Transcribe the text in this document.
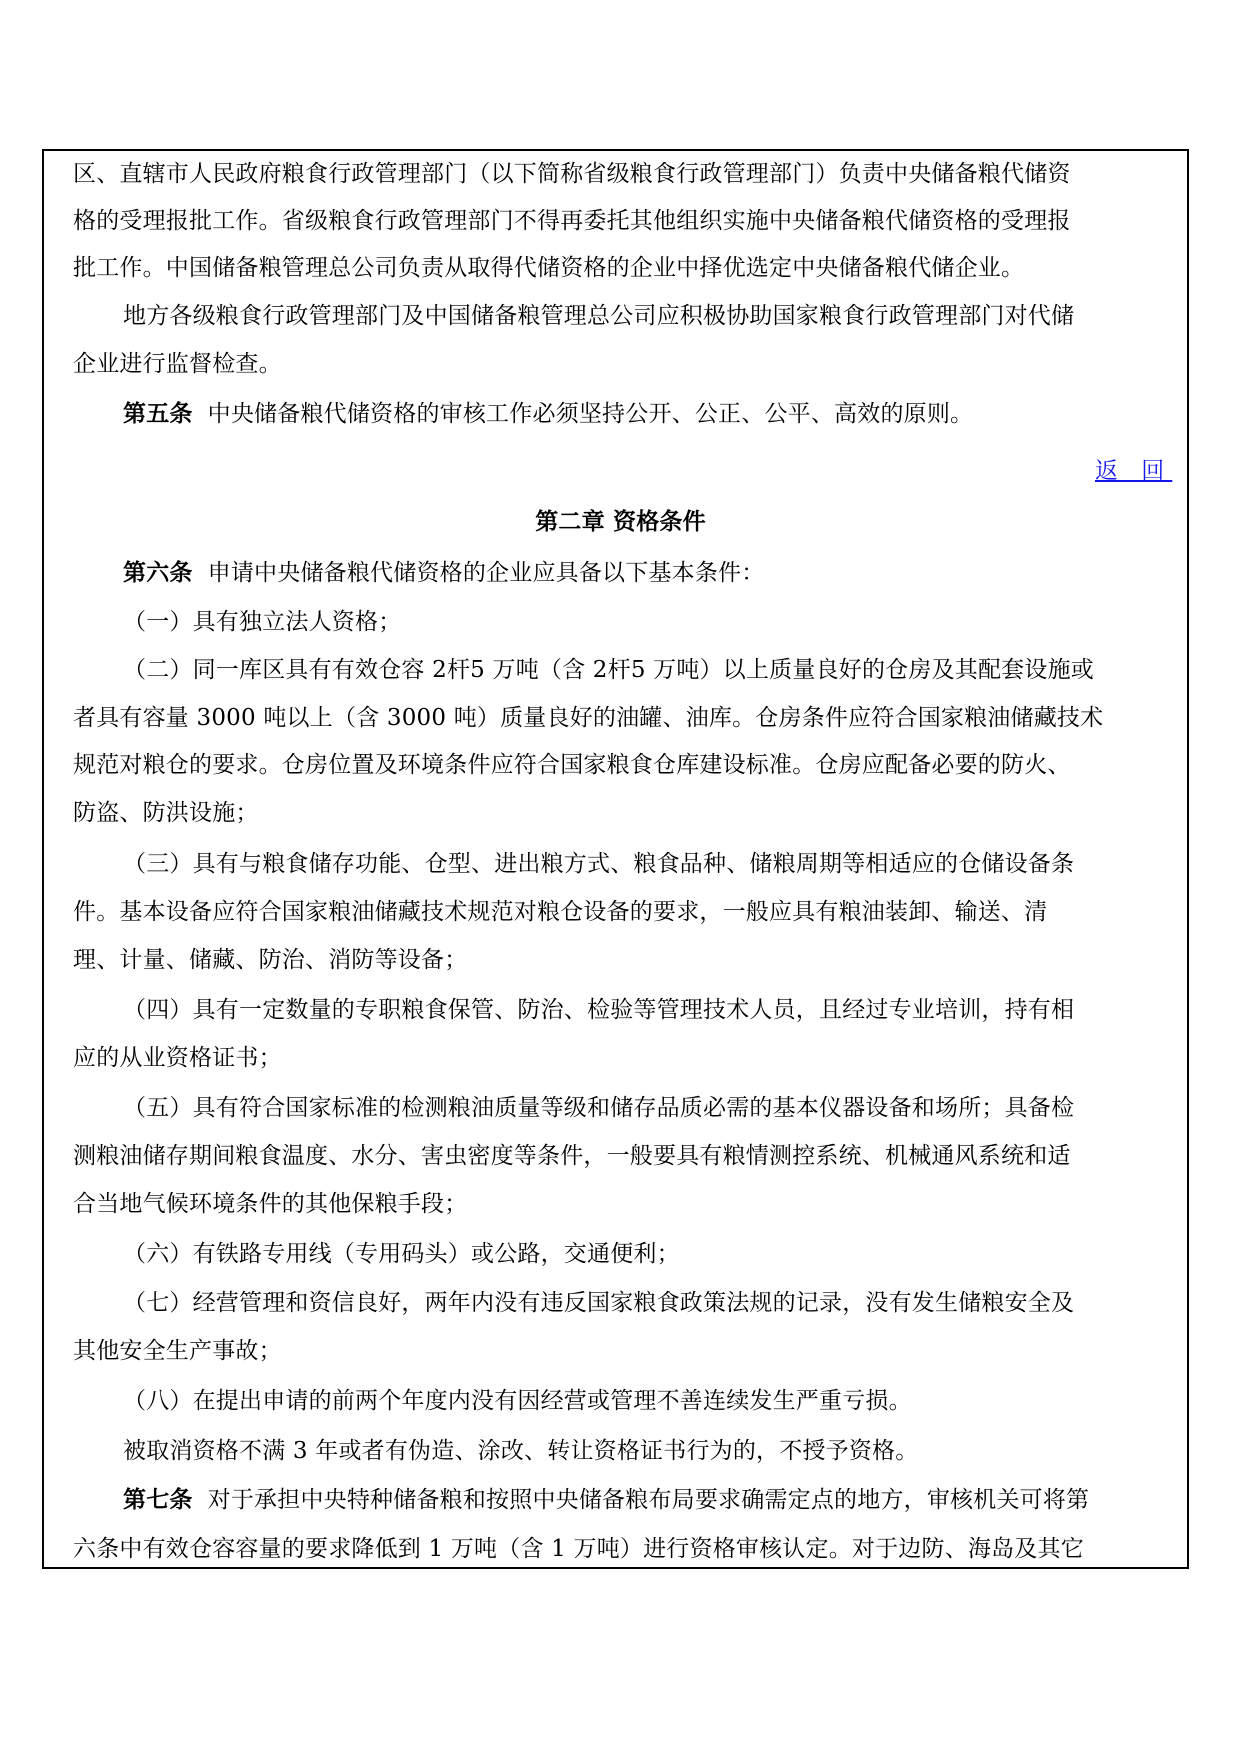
区、直辖市人民政府粮食行政管理部门（以下简称省级粮食行政管理部门）负责中央储备粮代储资

格的受理报批工作。省级粮食行政管理部门不得再委托其他组织实施中央储备粮代储资格的受理报

批工作。中国储备粮管理总公司负责从取得代储资格的企业中择优选定中央储备粮代储企业。

地方各级粮食行政管理部门及中国储备粮管理总公司应积极协助国家粮食行政管理部门对代储

企业进行监督检查。

第五条 中央储备粮代储资格的审核工作必须坚持公开、公正、公平、高效的原则。

返 回

第二章 资格条件

第六条 申请中央储备粮代储资格的企业应具备以下基本条件：

（一）具有独立法人资格；

（二）同一库区具有有效仓容 2杆5 万吨（含 2杆5 万吨）以上质量良好的仓房及其配套设施或

者具有容量 3000 吨以上（含 3000 吨）质量良好的油罐、油库。仓房条件应符合国家粮油储藏技术

规范对粮仓的要求。仓房位置及环境条件应符合国家粮食仓库建设标准。仓房应配备必要的防火、

防盗、防洪设施；

（三）具有与粮食储存功能、仓型、进出粮方式、粮食品种、储粮周期等相适应的仓储设备条

件。基本设备应符合国家粮油储藏技术规范对粮仓设备的要求，一般应具有粮油装卸、输送、清

理、计量、储藏、防治、消防等设备；

（四）具有一定数量的专职粮食保管、防治、检验等管理技术人员，且经过专业培训，持有相

应的从业资格证书；

（五）具有符合国家标准的检测粮油质量等级和储存品质必需的基本仪器设备和场所；具备检

测粮油储存期间粮食温度、水分、害虫密度等条件，一般要具有粮情测控系统、机械通风系统和适

合当地气候环境条件的其他保粮手段；

（六）有铁路专用线（专用码头）或公路，交通便利；

（七）经营管理和资信良好，两年内没有违反国家粮食政策法规的记录，没有发生储粮安全及

其他安全生产事故；

（八）在提出申请的前两个年度内没有因经营或管理不善连续发生严重亏损。

被取消资格不满 3 年或者有伪造、涂改、转让资格证书行为的，不授予资格。

第七条 对于承担中央特种储备粮和按照中央储备粮布局要求确需定点的地方，审核机关可将第

六条中有效仓容容量的要求降低到 1 万吨（含 1 万吨）进行资格审核认定。对于边防、海岛及其它
